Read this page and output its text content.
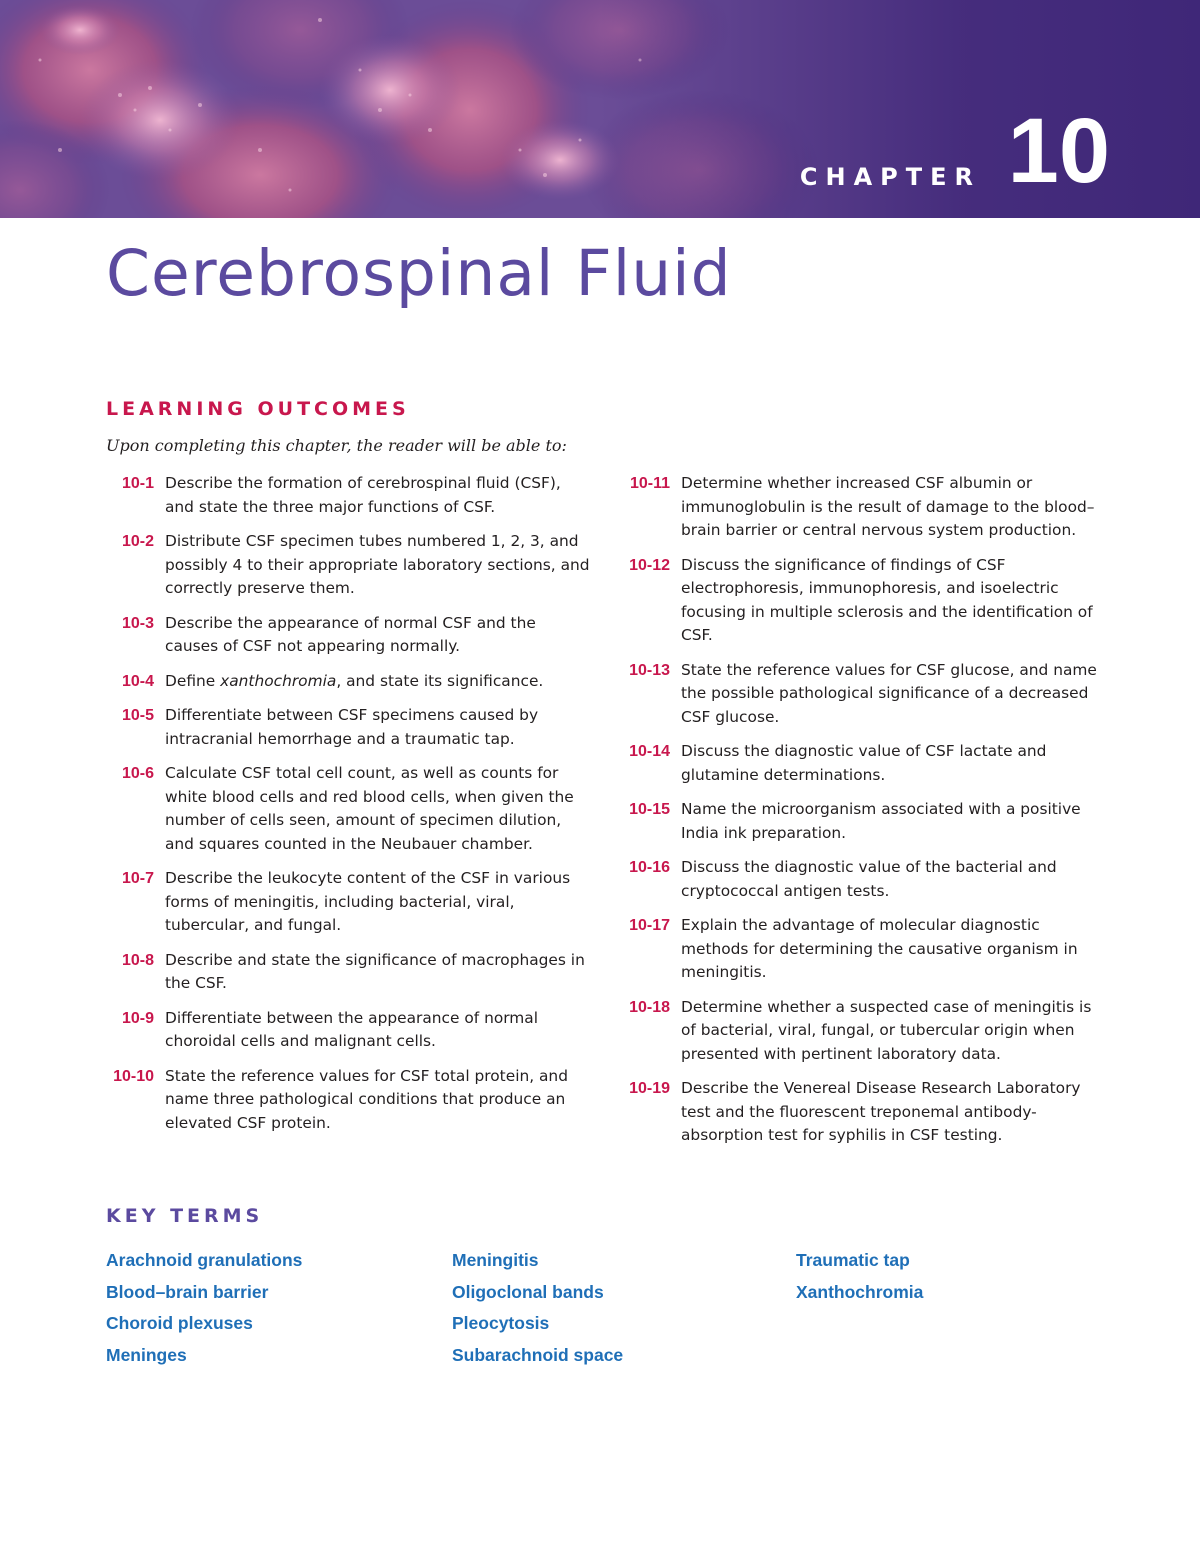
CHAPTER 10
Cerebrospinal Fluid
LEARNING OUTCOMES
Upon completing this chapter, the reader will be able to:
10-1 Describe the formation of cerebrospinal fluid (CSF), and state the three major functions of CSF.
10-2 Distribute CSF specimen tubes numbered 1, 2, 3, and possibly 4 to their appropriate laboratory sections, and correctly preserve them.
10-3 Describe the appearance of normal CSF and the causes of CSF not appearing normally.
10-4 Define xanthochromia, and state its significance.
10-5 Differentiate between CSF specimens caused by intracranial hemorrhage and a traumatic tap.
10-6 Calculate CSF total cell count, as well as counts for white blood cells and red blood cells, when given the number of cells seen, amount of specimen dilution, and squares counted in the Neubauer chamber.
10-7 Describe the leukocyte content of the CSF in various forms of meningitis, including bacterial, viral, tubercular, and fungal.
10-8 Describe and state the significance of macrophages in the CSF.
10-9 Differentiate between the appearance of normal choroidal cells and malignant cells.
10-10 State the reference values for CSF total protein, and name three pathological conditions that produce an elevated CSF protein.
10-11 Determine whether increased CSF albumin or immunoglobulin is the result of damage to the blood–brain barrier or central nervous system production.
10-12 Discuss the significance of findings of CSF electrophoresis, immunophoresis, and isoelectric focusing in multiple sclerosis and the identification of CSF.
10-13 State the reference values for CSF glucose, and name the possible pathological significance of a decreased CSF glucose.
10-14 Discuss the diagnostic value of CSF lactate and glutamine determinations.
10-15 Name the microorganism associated with a positive India ink preparation.
10-16 Discuss the diagnostic value of the bacterial and cryptococcal antigen tests.
10-17 Explain the advantage of molecular diagnostic methods for determining the causative organism in meningitis.
10-18 Determine whether a suspected case of meningitis is of bacterial, viral, fungal, or tubercular origin when presented with pertinent laboratory data.
10-19 Describe the Venereal Disease Research Laboratory test and the fluorescent treponemal antibody-absorption test for syphilis in CSF testing.
KEY TERMS
Arachnoid granulations
Blood–brain barrier
Choroid plexuses
Meninges
Meningitis
Oligoclonal bands
Pleocytosis
Subarachnoid space
Traumatic tap
Xanthochromia
